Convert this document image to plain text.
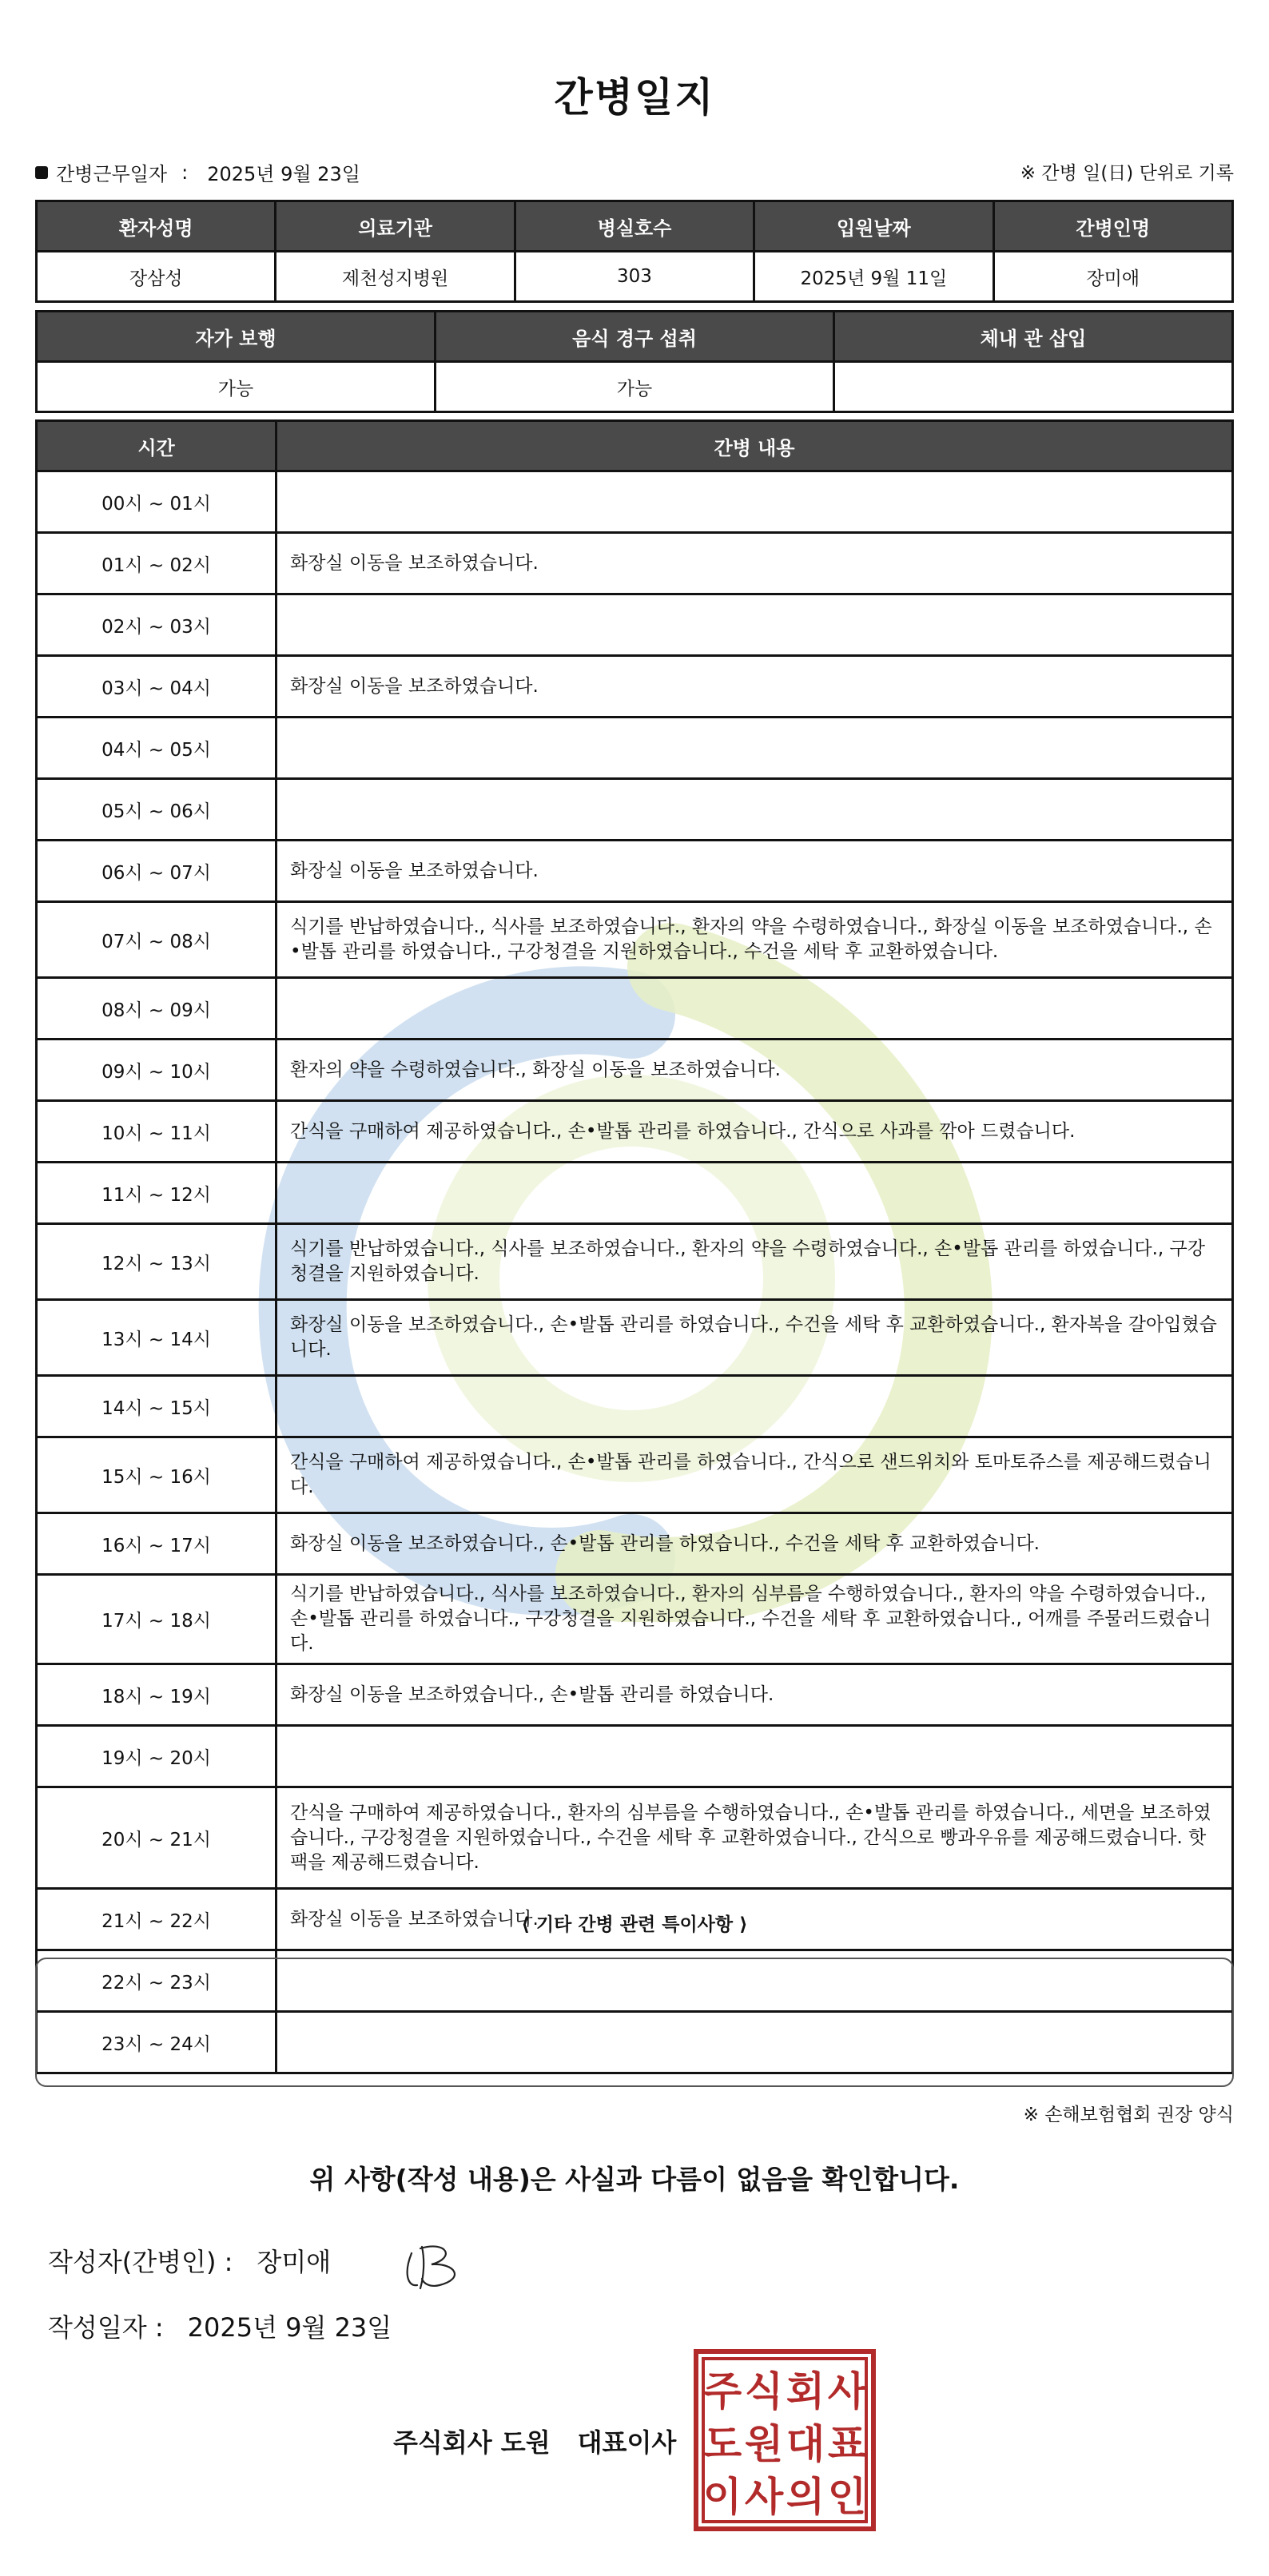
간병일지
간병근무일자 : 2025년 9월 23일	※ 간병 일(日) 단위로 기록
환자성명	의료기관	병실호수	입원날짜	간병인명
장삼성	제천성지병원	303	2025년 9월 11일	장미애
자가 보행	음식 경구 섭취	체내 관 삽입
가능	가능	
시간	간병 내용
00시 ~ 01시	
01시 ~ 02시	화장실 이동을 보조하였습니다.
02시 ~ 03시	
03시 ~ 04시	화장실 이동을 보조하였습니다.
04시 ~ 05시	
05시 ~ 06시	
06시 ~ 07시	화장실 이동을 보조하였습니다.
07시 ~ 08시	식기를 반납하였습니다., 식사를 보조하였습니다., 환자의 약을 수령하였습니다., 화장실 이동을 보조하였습니다., 손•발톱 관리를 하였습니다., 구강청결을 지원하였습니다., 수건을 세탁 후 교환하였습니다.
08시 ~ 09시	
09시 ~ 10시	환자의 약을 수령하였습니다., 화장실 이동을 보조하였습니다.
10시 ~ 11시	간식을 구매하여 제공하였습니다., 손•발톱 관리를 하였습니다., 간식으로 사과를 깎아 드렸습니다.
11시 ~ 12시	
12시 ~ 13시	식기를 반납하였습니다., 식사를 보조하였습니다., 환자의 약을 수령하였습니다., 손•발톱 관리를 하였습니다., 구강청결을 지원하였습니다.
13시 ~ 14시	화장실 이동을 보조하였습니다., 손•발톱 관리를 하였습니다., 수건을 세탁 후 교환하였습니다., 환자복을 갈아입혔습니다.
14시 ~ 15시	
15시 ~ 16시	간식을 구매하여 제공하였습니다., 손•발톱 관리를 하였습니다., 간식으로 샌드위치와 토마토쥬스를 제공해드렸습니다.
16시 ~ 17시	화장실 이동을 보조하였습니다., 손•발톱 관리를 하였습니다., 수건을 세탁 후 교환하였습니다.
17시 ~ 18시	식기를 반납하였습니다., 식사를 보조하였습니다., 환자의 심부름을 수행하였습니다., 환자의 약을 수령하였습니다., 손•발톱 관리를 하였습니다., 구강청결을 지원하였습니다., 수건을 세탁 후 교환하였습니다., 어깨를 주물러드렸습니다.
18시 ~ 19시	화장실 이동을 보조하였습니다., 손•발톱 관리를 하였습니다.
19시 ~ 20시	
20시 ~ 21시	간식을 구매하여 제공하였습니다., 환자의 심부름을 수행하였습니다., 손•발톱 관리를 하였습니다., 세면을 보조하였습니다., 구강청결을 지원하였습니다., 수건을 세탁 후 교환하였습니다., 간식으로 빵과우유를 제공해드렸습니다. 핫팩을 제공해드렸습니다.
21시 ~ 22시	화장실 이동을 보조하였습니다.
22시 ~ 23시	
23시 ~ 24시	
⟨ 기타 간병 관련 특이사항 ⟩
※ 손해보험협회 권장 양식
위 사항(작성 내용)은 사실과 다름이 없음을 확인합니다.
작성자(간병인) : 장미애
작성일자 : 2025년 9월 23일
주식회사 도원 대표이사
주 식 회 사
도 원 대 표
이 사 의 인
